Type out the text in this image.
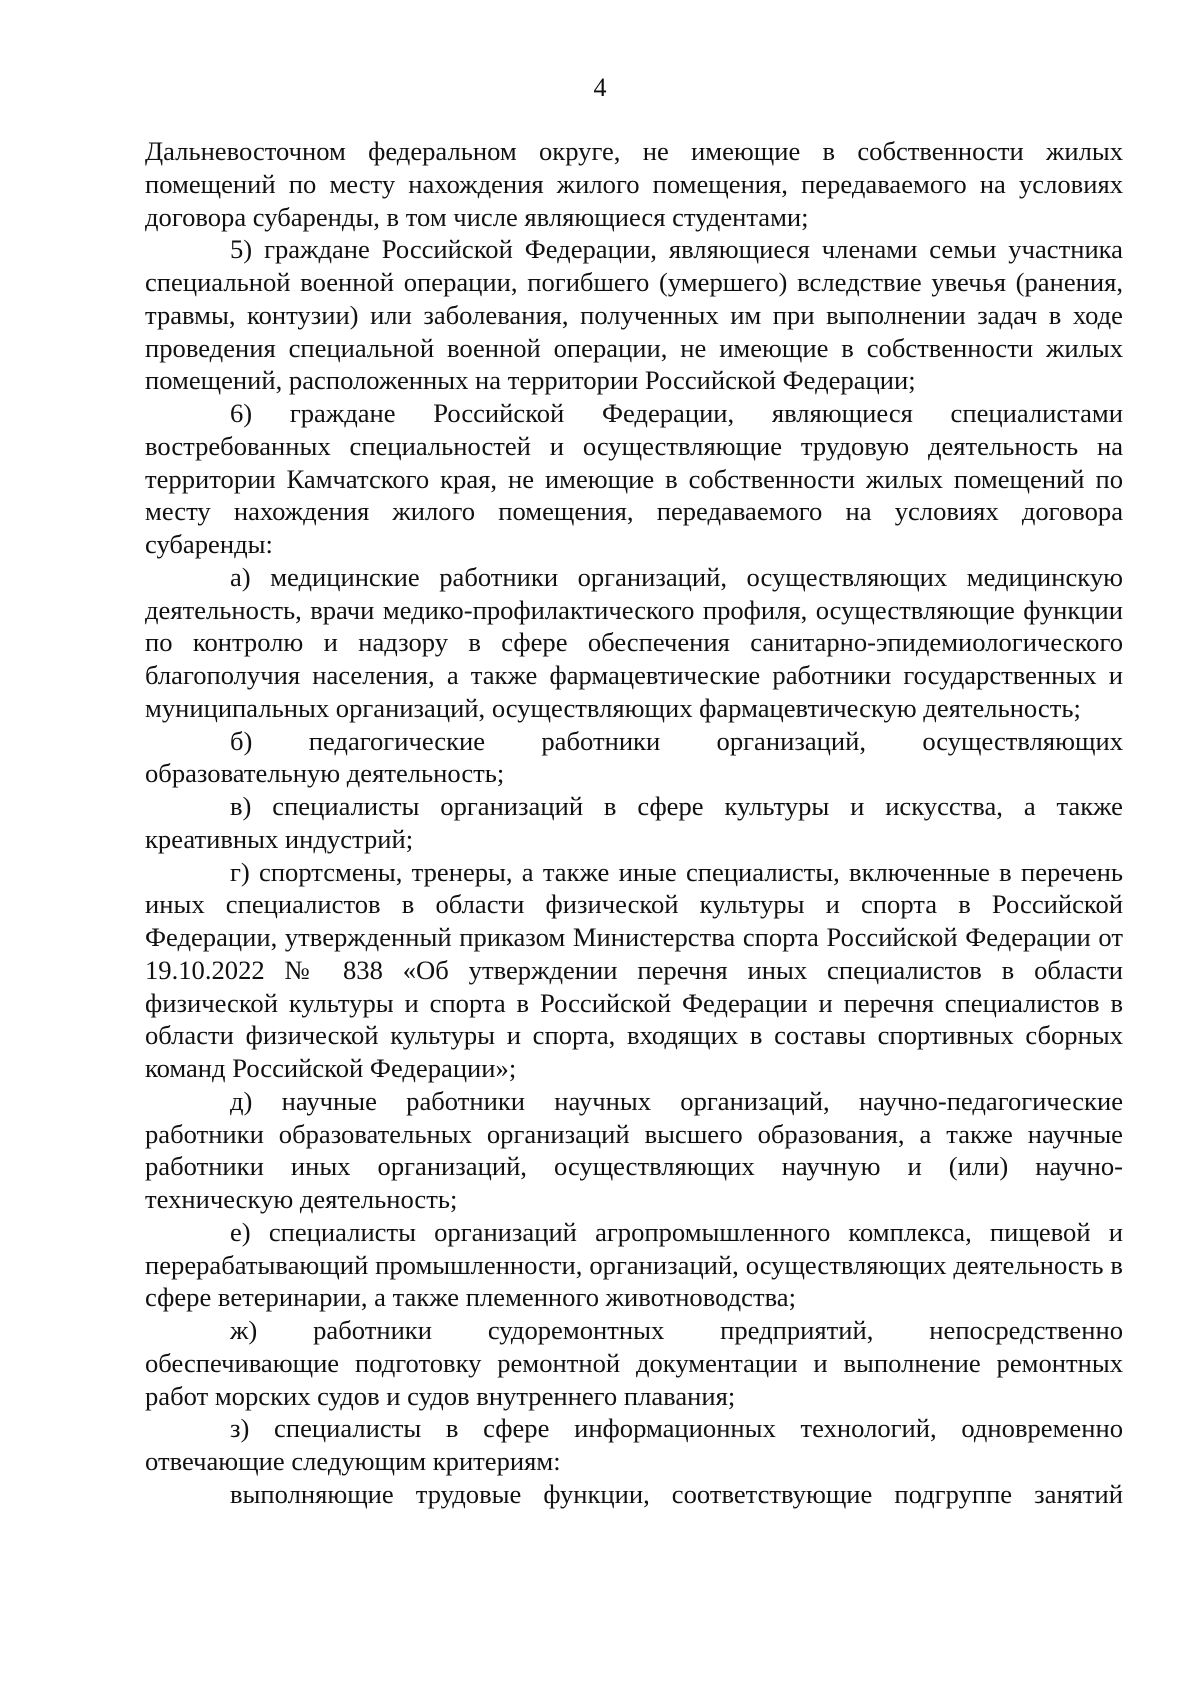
4

Дальневосточном федеральном округе, не имеющие в собственности жилых помещений по месту нахождения жилого помещения, передаваемого на условиях договора субаренды, в том числе являющиеся студентами;

5) граждане Российской Федерации, являющиеся членами семьи участника специальной военной операции, погибшего (умершего) вследствие увечья (ранения, травмы, контузии) или заболевания, полученных им при выполнении задач в ходе проведения специальной военной операции, не имеющие в собственности жилых помещений, расположенных на территории Российской Федерации;

6) граждане Российской Федерации, являющиеся специалистами востребованных специальностей и осуществляющие трудовую деятельность на территории Камчатского края, не имеющие в собственности жилых помещений по месту нахождения жилого помещения, передаваемого на условиях договора субаренды:

а) медицинские работники организаций, осуществляющих медицинскую деятельность, врачи медико-профилактического профиля, осуществляющие функции по контролю и надзору в сфере обеспечения санитарно-эпидемиологического благополучия населения, а также фармацевтические работники государственных и муниципальных организаций, осуществляющих фармацевтическую деятельность;

б) педагогические работники организаций, осуществляющих образовательную деятельность;

в) специалисты организаций в сфере культуры и искусства, а также креативных индустрий;

г) спортсмены, тренеры, а также иные специалисты, включенные в перечень иных специалистов в области физической культуры и спорта в Российской Федерации, утвержденный приказом Министерства спорта Российской Федерации от 19.10.2022 № 838 «Об утверждении перечня иных специалистов в области физической культуры и спорта в Российской Федерации и перечня специалистов в области физической культуры и спорта, входящих в составы спортивных сборных команд Российской Федерации»;

д) научные работники научных организаций, научно-педагогические работники образовательных организаций высшего образования, а также научные работники иных организаций, осуществляющих научную и (или) научно-техническую деятельность;

е) специалисты организаций агропромышленного комплекса, пищевой и перерабатывающий промышленности, организаций, осуществляющих деятельность в сфере ветеринарии, а также племенного животноводства;

ж) работники судоремонтных предприятий, непосредственно обеспечивающие подготовку ремонтной документации и выполнение ремонтных работ морских судов и судов внутреннего плавания;

з) специалисты в сфере информационных технологий, одновременно отвечающие следующим критериям:

выполняющие трудовые функции, соответствующие подгруппе занятий
